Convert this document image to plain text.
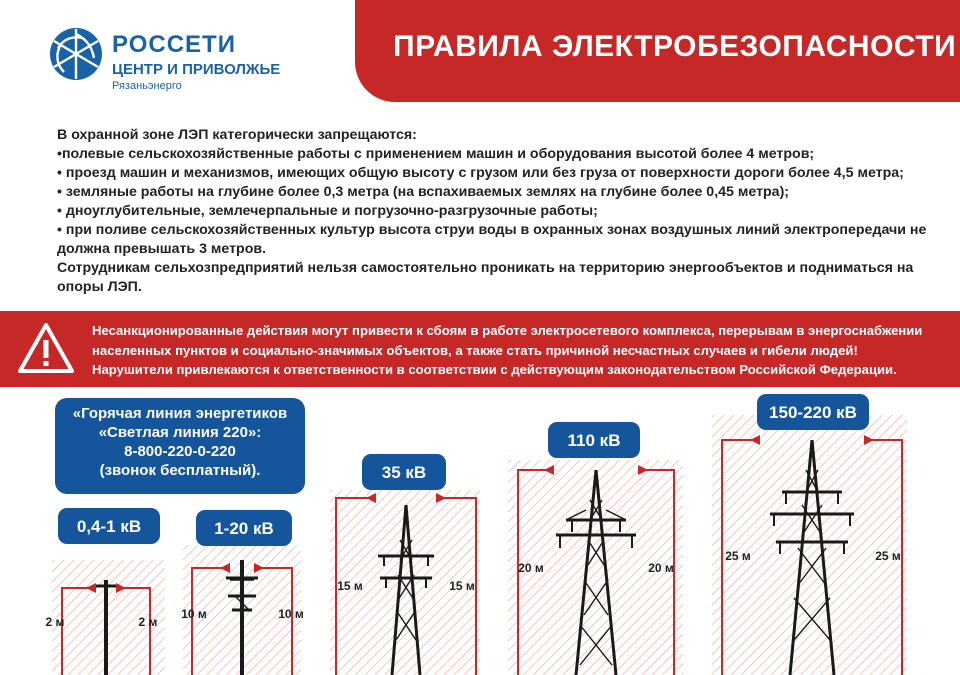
РОССЕТИ
ЦЕНТР И ПРИВОЛЖЬЕ
Рязаньэнерго
ПРАВИЛА ЭЛЕКТРОБЕЗОПАСНОСТИ
В охранной зоне ЛЭП категорически запрещаются:
•полевые сельскохозяйственные работы с применением машин и оборудования высотой более 4 метров;
• проезд машин и механизмов, имеющих общую высоту с грузом или без груза от поверхности дороги более 4,5 метра;
• земляные работы на глубине более 0,3 метра (на вспахиваемых землях на глубине более 0,45 метра);
• дноуглубительные, землечерпальные и погрузочно-разгрузочные работы;
• при поливе сельскохозяйственных культур высота струи воды в охранных зонах воздушных линий электропередачи не
должна превышать 3 метров.
Сотрудникам сельхозпредприятий нельзя самостоятельно проникать на территорию энергообъектов и подниматься на
опоры ЛЭП.
Несанкционированные действия могут привести к сбоям в работе электросетевого комплекса, перерывам в энергоснабжении
населенных пунктов и социально-значимых объектов, а также стать причиной несчастных случаев и гибели людей!
Нарушители привлекаются к ответственности в соответствии с действующим законодательством Российской Федерации.
«Горячая линия энергетиков
«Светлая линия 220»:
8-800-220-0-220
(звонок бесплатный).
0,4-1 кВ
2 м	2 м
1-20 кВ
10 м	10 м
35 кВ
15 м	15 м
110 кВ
20 м	20 м
150-220 кВ
25 м	25 м
